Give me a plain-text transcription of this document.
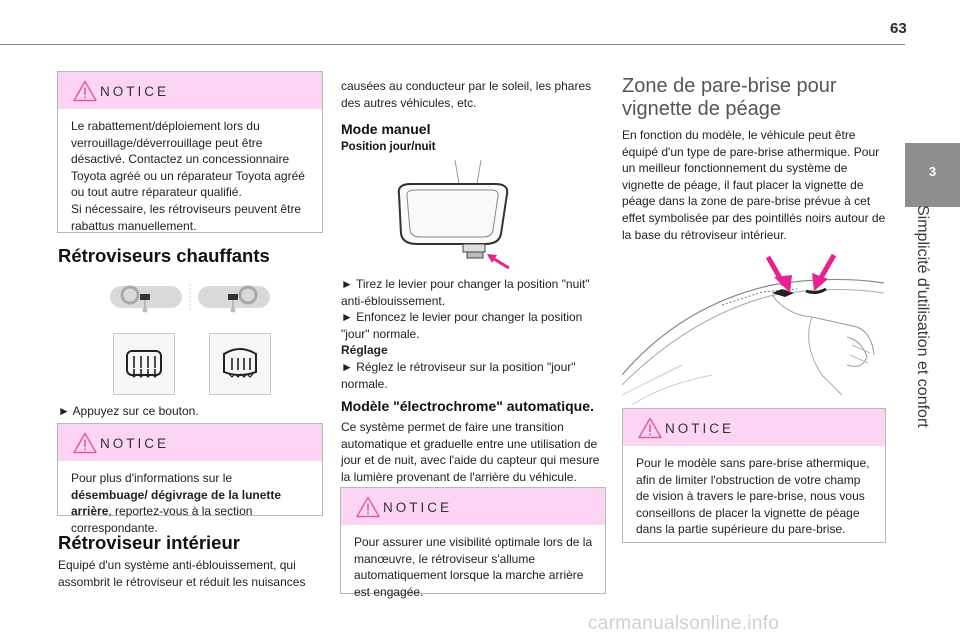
63
3
Simplicité d'utilisation et confort
NOTICE

Le rabattement/déploiement lors du verrouillage/déverrouillage peut être désactivé. Contactez un concessionnaire Toyota agréé ou un réparateur Toyota agréé ou tout autre réparateur qualifié.

Si nécessaire, les rétroviseurs peuvent être rabattus manuellement.

Rétroviseurs chauffants
► Appuyez sur ce bouton.
NOTICE

Pour plus d'informations sur le désembuage/ dégivrage de la lunette arrière, reportez-vous à la section correspondante.

Rétroviseur intérieur
Equipé d'un système anti-éblouissement, qui assombrit le rétroviseur et réduit les nuisances
causées au conducteur par le soleil, les phares des autres véhicules, etc.
Mode manuel
Position jour/nuit

► Tirez le levier pour changer la position "nuit" anti-éblouissement.

► Enfoncez le levier pour changer la position "jour" normale.

Réglage

► Réglez le rétroviseur sur la position "jour" normale.

Modèle "électrochrome" automatique.
Ce système permet de faire une transition automatique et graduelle entre une utilisation de jour et de nuit, avec l'aide du capteur qui mesure la lumière provenant de l'arrière du véhicule.
NOTICE

Pour assurer une visibilité optimale lors de la manœuvre, le rétroviseur s'allume automatiquement lorsque la marche arrière est engagée.

Zone de pare-brise pour vignette de péage
En fonction du modèle, le véhicule peut être équipé d'un type de pare-brise athermique. Pour un meilleur fonctionnement du système de vignette de péage, il faut placer la vignette de péage dans la zone de pare-brise prévue à cet effet symbolisée par des pointillés noirs autour de la base du rétroviseur intérieur.
NOTICE

Pour le modèle sans pare-brise athermique, afin de limiter l'obstruction de votre champ de vision à travers le pare-brise, nous vous conseillons de placer la vignette de péage dans la partie supérieure du pare-brise.

carmanualsonline.info
